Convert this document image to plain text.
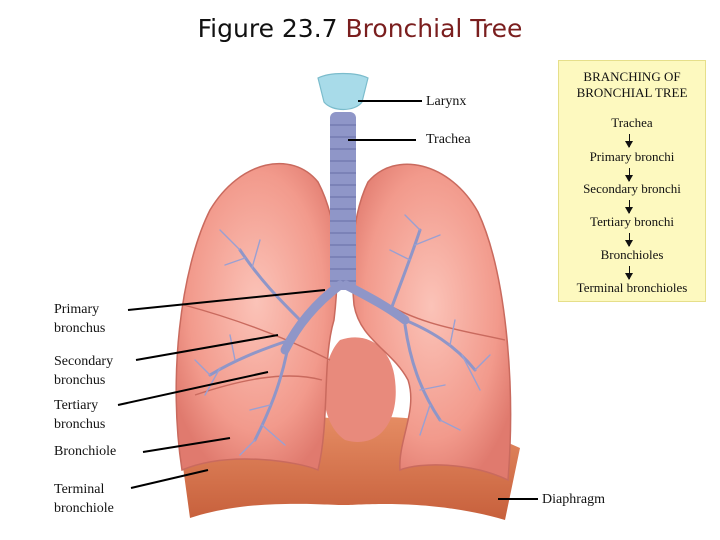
Figure 23.7 Bronchial Tree
Larynx
Trachea
Primary
bronchus
Secondary
bronchus
Tertiary
bronchus
Bronchiole
Terminal
bronchiole
Diaphragm
BRANCHING OF
BRONCHIAL TREE
Trachea
Primary bronchi
Secondary bronchi
Tertiary bronchi
Bronchioles
Terminal bronchioles
